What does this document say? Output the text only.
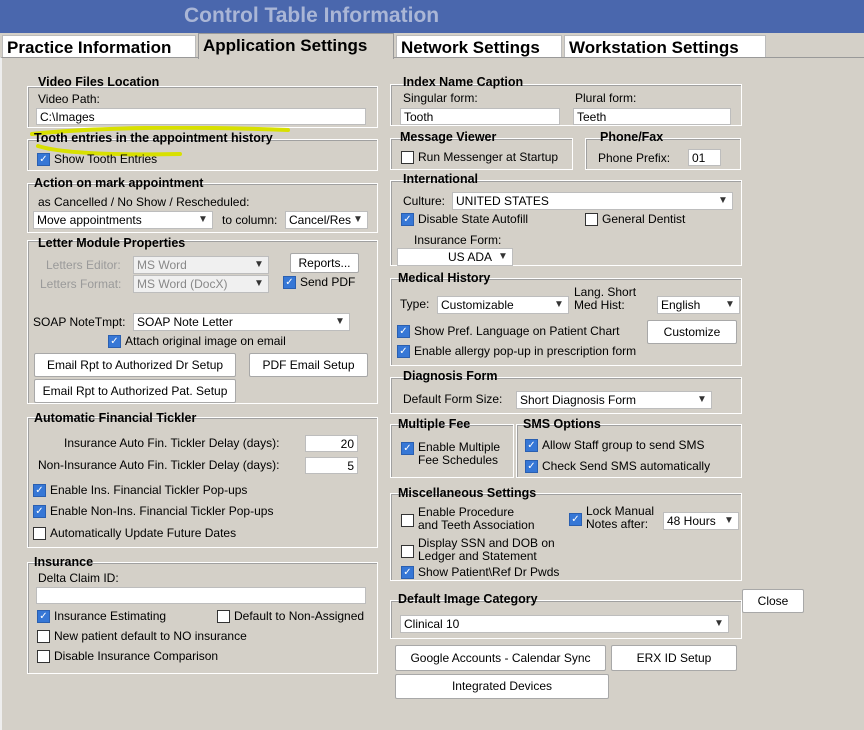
Control Table Information
Practice Information	Application Settings	Network Settings	Workstation Settings
Video Files Location
Video Path:
C:\Images
Tooth entries in the appointment history
✓ Show Tooth Entries
Action on mark appointment
as Cancelled / No Show / Rescheduled:
Move appointments	▼ to column: Cancel/Res ▼
Letter Module Properties
Letters Editor:	MS Word	▼	Reports...
Letters Format:	MS Word (DocX)	▼ ✓ Send PDF
SOAP NoteTmpt: SOAP Note Letter	▼
✓ Attach original image on email
Email Rpt to Authorized Dr Setup	PDF Email Setup
Email Rpt to Authorized Pat. Setup
Automatic Financial Tickler
Insurance Auto Fin. Tickler Delay (days):	20
Non-Insurance Auto Fin. Tickler Delay (days):	5
✓ Enable Ins. Financial Tickler Pop-ups
✓ Enable Non-Ins. Financial Tickler Pop-ups
Automatically Update Future Dates
Insurance
Delta Claim ID:
✓ Insurance Estimating	Default to Non-Assigned
New patient default to NO insurance
Disable Insurance Comparison
Index Name Caption
Singular form:
Tooth
Plural form:
Teeth
Message Viewer
Run Messenger at Startup
Phone/Fax
Phone Prefix:	01
International
Culture: UNITED STATES	▼
✓ Disable State Autofill	General Dentist
Insurance Form:
US ADA ▼
Medical History
Type: Customizable	▼
Lang. Short
Med Hist:	English ▼
✓ Show Pref. Language on Patient Chart	Customize
✓ Enable allergy pop-up in prescription form
Diagnosis Form
Default Form Size:	Short Diagnosis Form	▼
Multiple Fee
✓ Enable Multiple
Fee Schedules
SMS Options
✓ Allow Staff group to send SMS
✓ Check Send SMS automatically
Miscellaneous Settings
Enable Procedure
and Teeth Association	✓
Lock Manual
Notes after:	48 Hours ▼
Display SSN and DOB on
Ledger and Statement
✓ Show Patient\Ref Dr Pwds
Default Image Category
Clinical 10	▼
Close
Google Accounts - Calendar Sync	ERX ID Setup
Integrated Devices
